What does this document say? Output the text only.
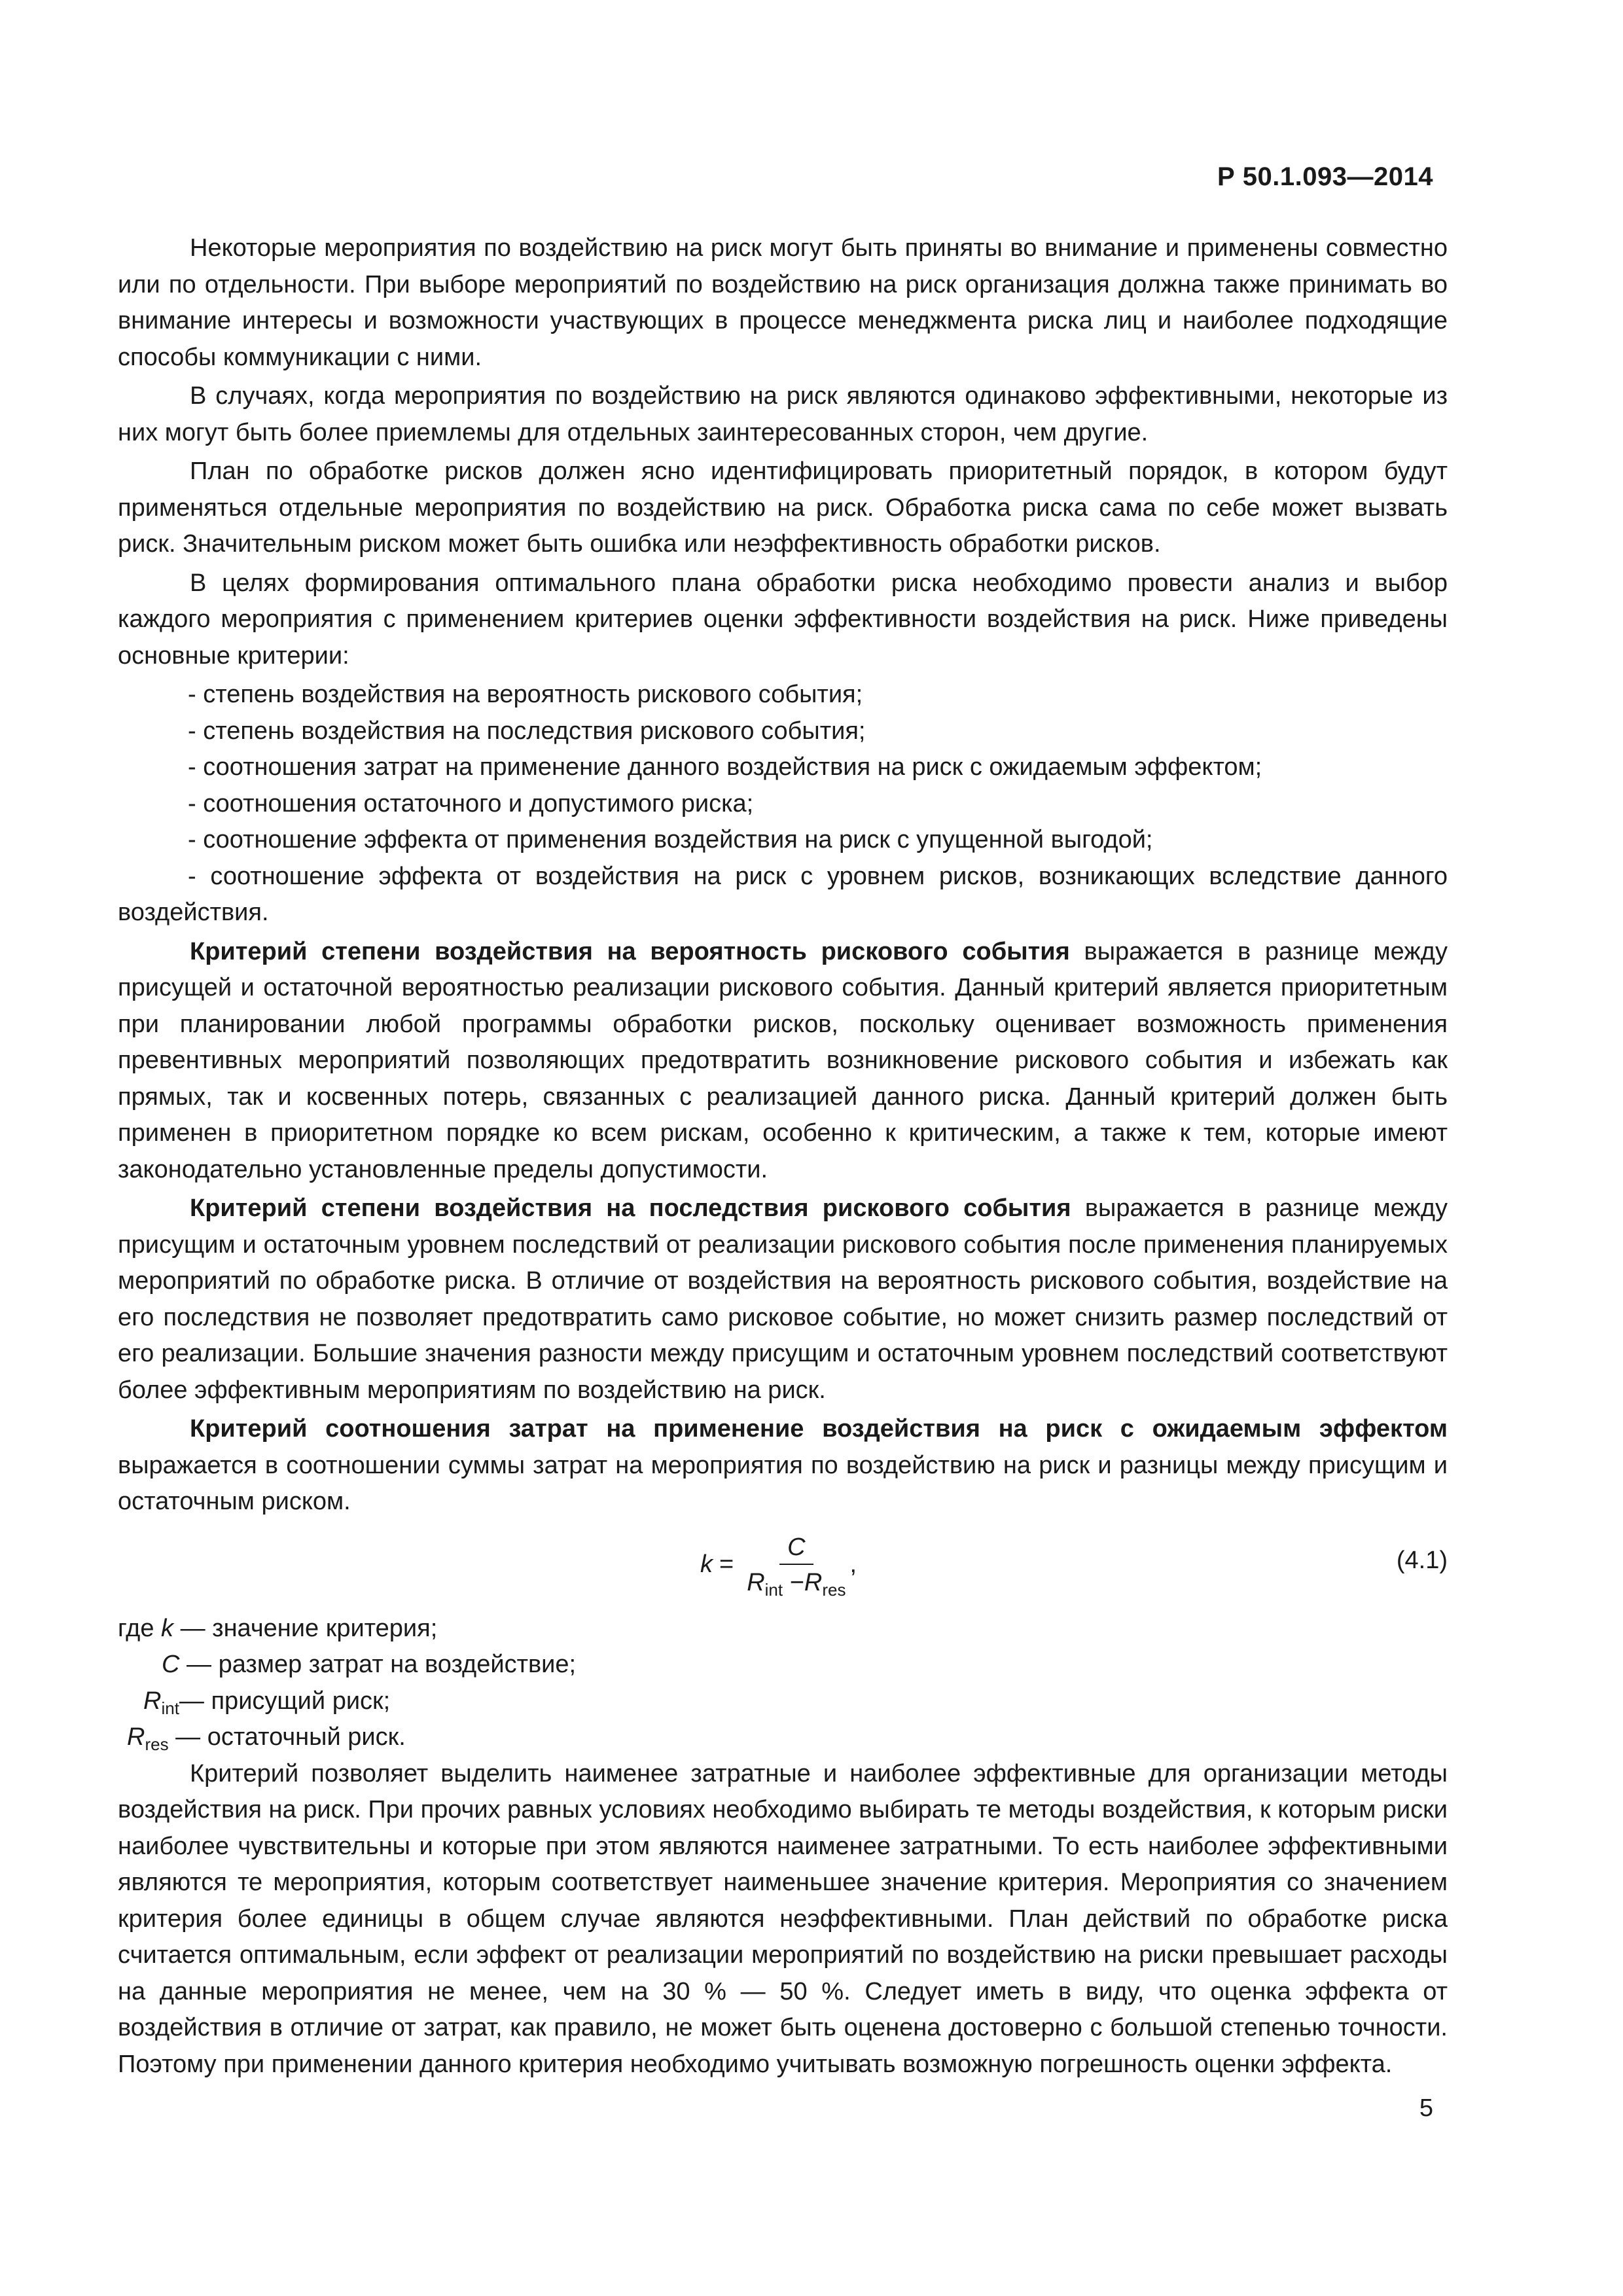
Р 50.1.093—2014

Некоторые мероприятия по воздействию на риск могут быть приняты во внимание и применены совместно или по отдельности. При выборе мероприятий по воздействию на риск организация должна также принимать во внимание интересы и возможности участвующих в процессе менеджмента риска лиц и наиболее подходящие способы коммуникации с ними.

В случаях, когда мероприятия по воздействию на риск являются одинаково эффективными, некоторые из них могут быть более приемлемы для отдельных заинтересованных сторон, чем другие.

План по обработке рисков должен ясно идентифицировать приоритетный порядок, в котором будут применяться отдельные мероприятия по воздействию на риск. Обработка риска сама по себе может вызвать риск. Значительным риском может быть ошибка или неэффективность обработки рисков.

В целях формирования оптимального плана обработки риска необходимо провести анализ и выбор каждого мероприятия с применением критериев оценки эффективности воздействия на риск. Ниже приведены основные критерии:

- степень воздействия на вероятность рискового события;

- степень воздействия на последствия рискового события;

- соотношения затрат на применение данного воздействия на риск с ожидаемым эффектом;

- соотношения остаточного и допустимого риска;

- соотношение эффекта от применения воздействия на риск с упущенной выгодой;

- соотношение эффекта от воздействия на риск с уровнем рисков, возникающих вследствие данного воздействия.

Критерий степени воздействия на вероятность рискового события выражается в разнице между присущей и остаточной вероятностью реализации рискового события. Данный критерий является приоритетным при планировании любой программы обработки рисков, поскольку оценивает возможность применения превентивных мероприятий позволяющих предотвратить возникновение рискового события и избежать как прямых, так и косвенных потерь, связанных с реализацией данного риска. Данный критерий должен быть применен в приоритетном порядке ко всем рискам, особенно к критическим, а также к тем, которые имеют законодательно установленные пределы допустимости.

Критерий степени воздействия на последствия рискового события выражается в разнице между присущим и остаточным уровнем последствий от реализации рискового события после применения планируемых мероприятий по обработке риска. В отличие от воздействия на вероятность рискового события, воздействие на его последствия не позволяет предотвратить само рисковое событие, но может снизить размер последствий от его реализации. Большие значения разности между присущим и остаточным уровнем последствий соответствуют более эффективным мероприятиям по воздействию на риск.

Критерий соотношения затрат на применение воздействия на риск с ожидаемым эффектом выражается в соотношении суммы затрат на мероприятия по воздействию на риск и разницы между присущим и остаточным риском.

$k = \frac{C}{R_{int} -R_{res}}$ ,	(4.1)

где k — значение критерия;

C — размер затрат на воздействие;

$R_{int}—$ присущий риск;

$R_{res}$ — остаточный риск.

Критерий позволяет выделить наименее затратные и наиболее эффективные для организации методы воздействия на риск. При прочих равных условиях необходимо выбирать те методы воздействия, к которым риски наиболее чувствительны и которые при этом являются наименее затратными. То есть наиболее эффективными являются те мероприятия, которым соответствует наименьшее значение критерия. Мероприятия со значением критерия более единицы в общем случае являются неэффективными. План действий по обработке риска считается оптимальным, если эффект от реализации мероприятий по воздействию на риски превышает расходы на данные мероприятия не менее, чем на 30 % — 50 %. Следует иметь в виду, что оценка эффекта от воздействия в отличие от затрат, как правило, не может быть оценена достоверно с большой степенью точности. Поэтому при применении данного критерия необходимо учитывать возможную погрешность оценки эффекта.

5
